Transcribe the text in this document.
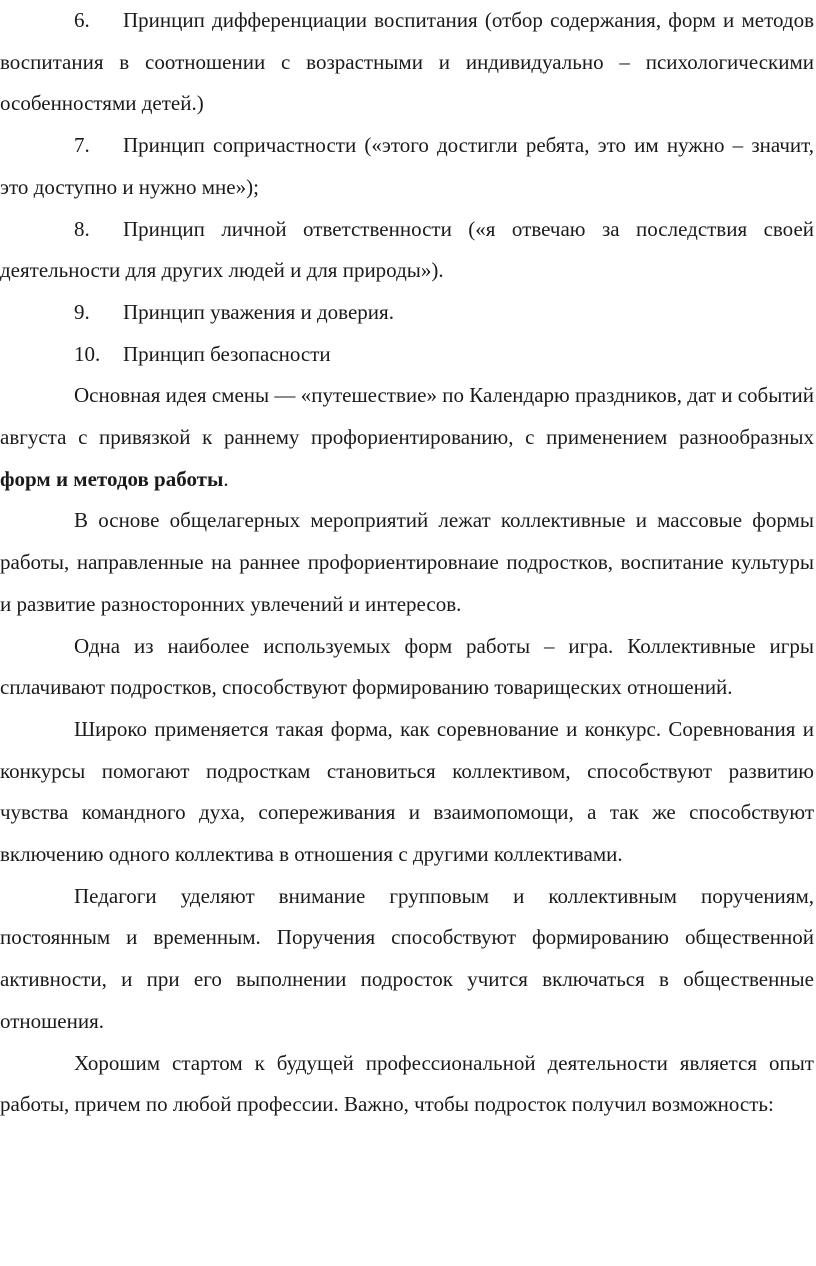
6. Принцип дифференциации воспитания (отбор содержания, форм и методов воспитания в соотношении с возрастными и индивидуально – психологическими особенностями детей.)

7. Принцип сопричастности («этого достигли ребята, это им нужно – значит, это доступно и нужно мне»);

8. Принцип личной ответственности («я отвечаю за последствия своей деятельности для других людей и для природы»).

9. Принцип уважения и доверия.

10. Принцип безопасности

Основная идея смены — «путешествие» по Календарю праздников, дат и событий августа с привязкой к раннему профориентированию, с применением разнообразных форм и методов работы.

В основе общелагерных мероприятий лежат коллективные и массовые формы работы, направленные на раннее профориентировнаие подростков, воспитание культуры и развитие разносторонних увлечений и интересов.

Одна из наиболее используемых форм работы – игра. Коллективные игры сплачивают подростков, способствуют формированию товарищеских отношений.

Широко применяется такая форма, как соревнование и конкурс. Соревнования и конкурсы помогают подросткам становиться коллективом, способствуют развитию чувства командного духа, сопереживания и взаимопомощи, а так же способствуют включению одного коллектива в отношения с другими коллективами.

Педагоги уделяют внимание групповым и коллективным поручениям, постоянным и временным. Поручения способствуют формированию общественной активности, и при его выполнении подросток учится включаться в общественные отношения.

Хорошим стартом к будущей профессиональной деятельности является опыт работы, причем по любой профессии. Важно, чтобы подросток получил возможность:
